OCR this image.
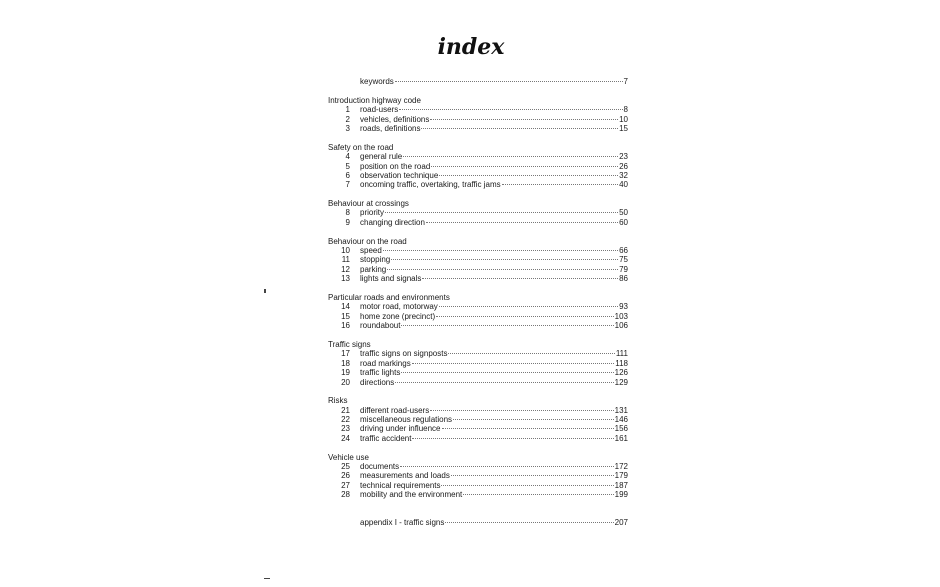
index
keywords	7
Introduction highway code
1 road-users	8
2 vehicles, definitions	10
3 roads, definitions	15
Safety on the road
4 general rule	23
5 position on the road	26
6 observation technique	32
7 oncoming traffic, overtaking, traffic jams	40
Behaviour at crossings
8 priority	50
9 changing direction	60
Behaviour on the road
10 speed	66
11 stopping	75
12 parking	79
13 lights and signals	86
Particular roads and environments
14 motor road, motorway	93
15 home zone (precinct)	103
16 roundabout	106
Traffic signs
17 traffic signs on signposts	111
18 road markings	118
19 traffic lights	126
20 directions	129
Risks
21 different road-users	131
22 miscellaneous regulations	146
23 driving under influence	156
24 traffic accident	161
Vehicle use
25 documents	172
26 measurements and loads	179
27 technical requirements	187
28 mobility and the environment	199
appendix I - traffic signs	207
